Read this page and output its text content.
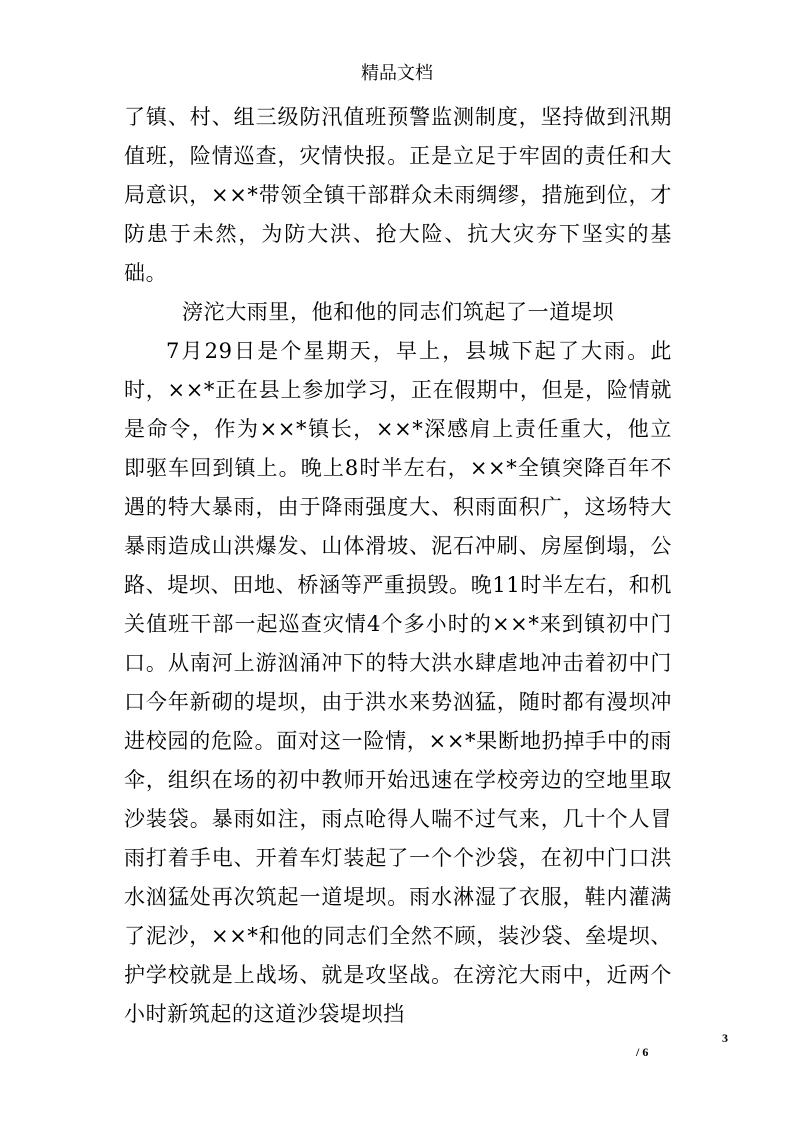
精品文档

了镇、村、组三级防汛值班预警监测制度，坚持做到汛期值班，险情巡查，灾情快报。正是立足于牢固的责任和大局意识，××*带领全镇干部群众未雨绸缪，措施到位，才防患于未然，为防大洪、抢大险、抗大灾夯下坚实的基础。

滂沱大雨里，他和他的同志们筑起了一道堤坝

7月29日是个星期天，早上，县城下起了大雨。此时，××*正在县上参加学习，正在假期中，但是，险情就是命令，作为××*镇长，××*深感肩上责任重大，他立即驱车回到镇上。晚上8时半左右，××*全镇突降百年不遇的特大暴雨，由于降雨强度大、积雨面积广，这场特大暴雨造成山洪爆发、山体滑坡、泥石冲刷、房屋倒塌，公路、堤坝、田地、桥涵等严重损毁。晚11时半左右，和机关值班干部一起巡查灾情4个多小时的××*来到镇初中门口。从南河上游汹涌冲下的特大洪水肆虐地冲击着初中门口今年新砌的堤坝，由于洪水来势汹猛，随时都有漫坝冲进校园的危险。面对这一险情，××*果断地扔掉手中的雨伞，组织在场的初中教师开始迅速在学校旁边的空地里取沙装袋。暴雨如注，雨点呛得人喘不过气来，几十个人冒雨打着手电、开着车灯装起了一个个沙袋，在初中门口洪水汹猛处再次筑起一道堤坝。雨水淋湿了衣服，鞋内灌满了泥沙，××*和他的同志们全然不顾，装沙袋、垒堤坝、护学校就是上战场、就是攻坚战。在滂沱大雨中，近两个小时新筑起的这道沙袋堤坝挡

3
/ 6
